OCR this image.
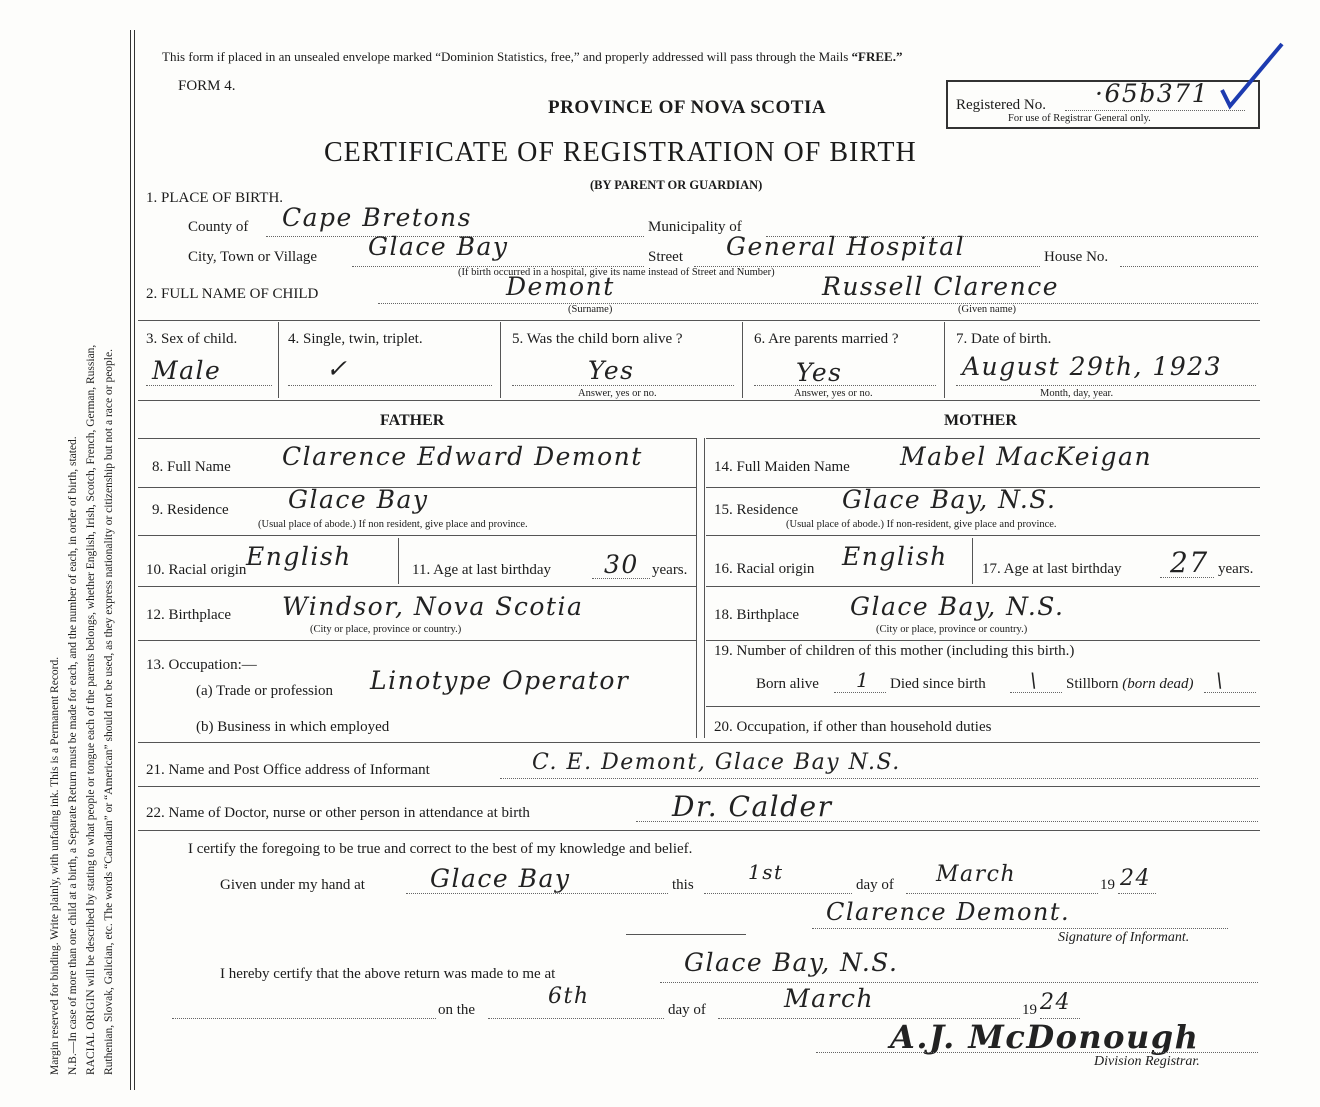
Margin reserved for binding. Write plainly, with unfading ink. This is a Permanent Record. N.B.—In case of more than one child at a birth, a Separate Return must be made for each, and the number of each, in order of birth, stated. RACIAL ORIGIN will be described by stating to what people or tongue each of the parents belongs, whether English, Irish, Scotch, French, German, Russian, Ruthenian, Slovak, Galician, etc. The words “Canadian” or “American” should not be used, as they express nationality or citizenship but not a race or people.
This form if placed in an unsealed envelope marked “Dominion Statistics, free,” and properly addressed will pass through the Mails “FREE.”
FORM 4.
PROVINCE OF NOVA SCOTIA
CERTIFICATE OF REGISTRATION OF BIRTH
(BY PARENT OR GUARDIAN)
Registered No. ·65b371
For use of Registrar General only.
1. PLACE OF BIRTH.
County of Cape Bretons	Municipality of
City, Town or Village Glace Bay	Street General Hospital	House No.
(If birth occurred in a hospital, give its name instead of Street and Number)
2. FULL NAME OF CHILD	Demont
(Surname)
Russell Clarence
(Given name)
3. Sex of child.
Male
4. Single, twin, triplet.
✓
5. Was the child born alive ?
Yes
Answer, yes or no.
6. Are parents married ?
Yes
Answer, yes or no.
7. Date of birth.
August 29th, 1923
Month, day, year.
FATHER	MOTHER
8. Full Name Clarence Edward Demont
9. Residence Glace Bay
(Usual place of abode.) If non resident, give place and province.
10. Racial origin English	11. Age at last birthday 30 years.
12. Birthplace Windsor, Nova Scotia
(City or place, province or country.)
13. Occupation:—
(a) Trade or profession Linotype Operator
(b) Business in which employed
14. Full Maiden Name Mabel MacKeigan
15. Residence Glace Bay, N.S.
(Usual place of abode.) If non-resident, give place and province.
16. Racial origin English 17. Age at last birthday 27 years.
18. Birthplace Glace Bay, N.S.
(City or place, province or country.)
19. Number of children of this mother (including this birth.)
Born alive 1 Died since birth \ Stillborn (born dead) \
20. Occupation, if other than household duties
21. Name and Post Office address of Informant	C. E. Demont, Glace Bay N.S.
22. Name of Doctor, nurse or other person in attendance at birth	Dr. Calder
I certify the foregoing to be true and correct to the best of my knowledge and belief.
Given under my hand at	Glace Bay	this
1st
day of March	19 24
Clarence Demont.
Signature of Informant.
I hereby certify that the above return was made to me at	Glace Bay, N.S.
on the
6th
day of	March	19 24
A.J. McDonough
Division Registrar.
